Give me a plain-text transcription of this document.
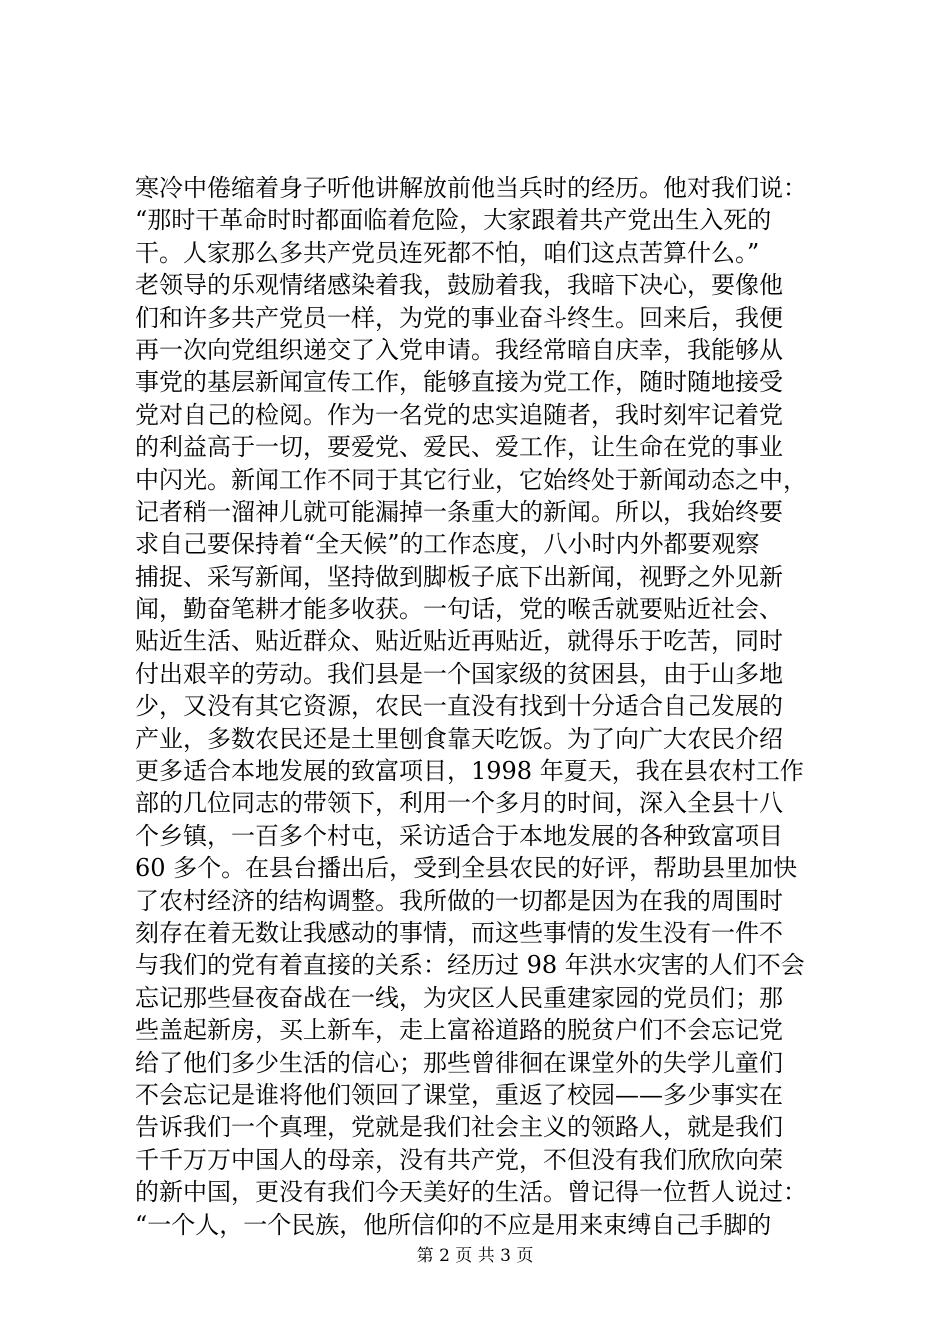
寒冷中倦缩着身子听他讲解放前他当兵时的经历。他对我们说：
“那时干革命时时都面临着危险，大家跟着共产党出生入死的
干。人家那么多共产党员连死都不怕，咱们这点苦算什么。”
老领导的乐观情绪感染着我，鼓励着我，我暗下决心，要像他
们和许多共产党员一样，为党的事业奋斗终生。回来后，我便
再一次向党组织递交了入党申请。我经常暗自庆幸，我能够从
事党的基层新闻宣传工作，能够直接为党工作，随时随地接受
党对自己的检阅。作为一名党的忠实追随者，我时刻牢记着党
的利益高于一切，要爱党、爱民、爱工作，让生命在党的事业
中闪光。新闻工作不同于其它行业，它始终处于新闻动态之中，
记者稍一溜神儿就可能漏掉一条重大的新闻。所以，我始终要
求自己要保持着“全天候”的工作态度，八小时内外都要观察
捕捉、采写新闻，坚持做到脚板子底下出新闻，视野之外见新
闻，勤奋笔耕才能多收获。一句话，党的喉舌就要贴近社会、
贴近生活、贴近群众、贴近贴近再贴近，就得乐于吃苦，同时
付出艰辛的劳动。我们县是一个国家级的贫困县，由于山多地
少，又没有其它资源，农民一直没有找到十分适合自己发展的
产业，多数农民还是土里刨食靠天吃饭。为了向广大农民介绍
更多适合本地发展的致富项目，1998 年夏天，我在县农村工作
部的几位同志的带领下，利用一个多月的时间，深入全县十八
个乡镇，一百多个村屯，采访适合于本地发展的各种致富项目
60 多个。在县台播出后，受到全县农民的好评，帮助县里加快
了农村经济的结构调整。我所做的一切都是因为在我的周围时
刻存在着无数让我感动的事情，而这些事情的发生没有一件不
与我们的党有着直接的关系：经历过 98 年洪水灾害的人们不会
忘记那些昼夜奋战在一线，为灾区人民重建家园的党员们；那
些盖起新房，买上新车，走上富裕道路的脱贫户们不会忘记党
给了他们多少生活的信心；那些曾徘徊在课堂外的失学儿童们
不会忘记是谁将他们领回了课堂，重返了校园——多少事实在
告诉我们一个真理，党就是我们社会主义的领路人，就是我们
千千万万中国人的母亲，没有共产党，不但没有我们欣欣向荣
的新中国，更没有我们今天美好的生活。曾记得一位哲人说过：
“一个人，一个民族，他所信仰的不应是用来束缚自己手脚的
第 2 页 共 3 页
